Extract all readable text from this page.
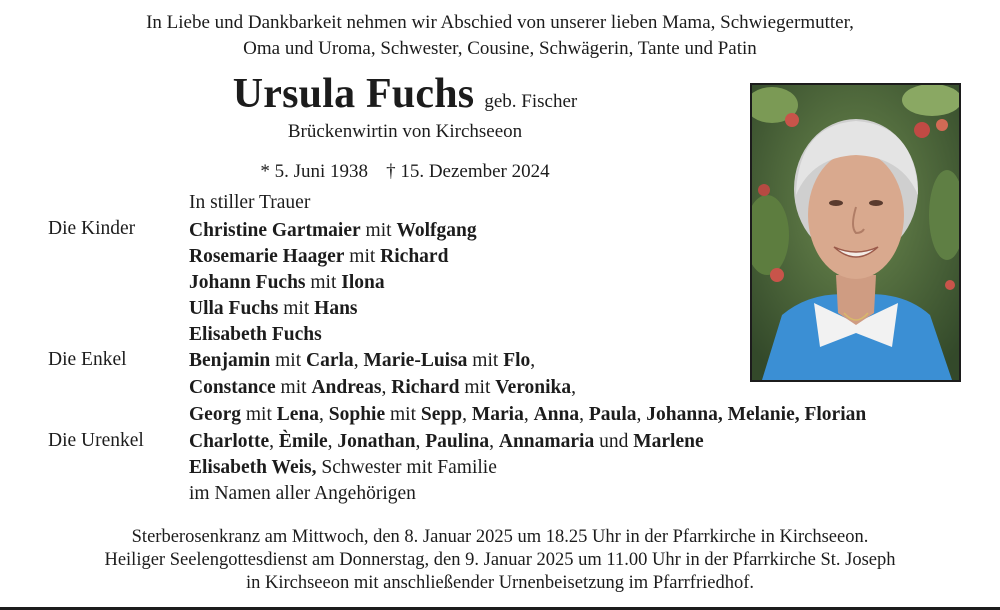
In Liebe und Dankbarkeit nehmen wir Abschied von unserer lieben Mama, Schwiegermutter,
Oma und Uroma, Schwester, Cousine, Schwägerin, Tante und Patin
Ursula Fuchs geb. Fischer
Brückenwirtin von Kirchseeon
* 5. Juni 1938 † 15. Dezember 2024
In stiller Trauer
Die Kinder	Christine Gartmaier mit Wolfgang
Rosemarie Haager mit Richard
Johann Fuchs mit Ilona
Ulla Fuchs mit Hans
Elisabeth Fuchs
Die Enkel	Benjamin mit Carla, Marie-Luisa mit Flo,
Constance mit Andreas, Richard mit Veronika,
Georg mit Lena, Sophie mit Sepp, Maria, Anna, Paula, Johanna, Melanie, Florian
Die Urenkel Charlotte, Èmile, Jonathan, Paulina, Annamaria und Marlene
Elisabeth Weis, Schwester mit Familie
im Namen aller Angehörigen
Sterberosenkranz am Mittwoch, den 8. Januar 2025 um 18.25 Uhr in der Pfarrkirche in Kirchseeon.
Heiliger Seelengottesdienst am Donnerstag, den 9. Januar 2025 um 11.00 Uhr in der Pfarrkirche St. Joseph
in Kirchseeon mit anschließender Urnenbeisetzung im Pfarrfriedhof.
